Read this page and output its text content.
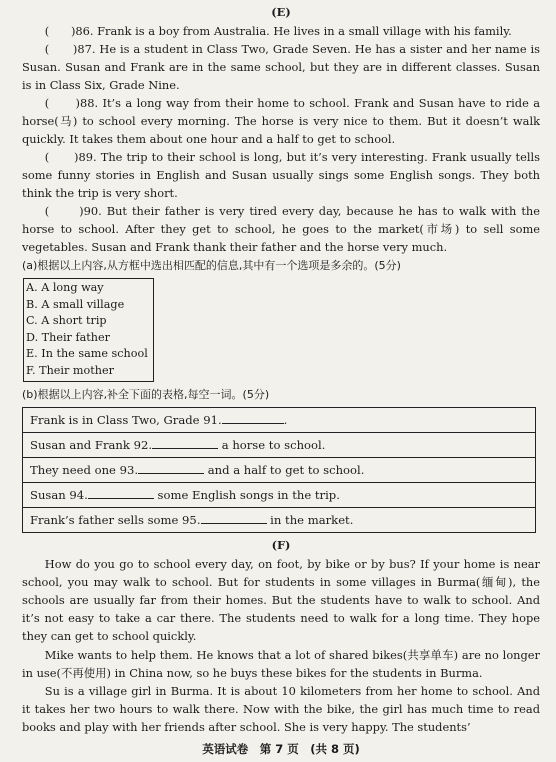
(E)

(      )86. Frank is a boy from Australia. He lives in a small village with his family.

(      )87. He is a student in Class Two, Grade Seven. He has a sister and her name is Susan. Susan and Frank are in the same school, but they are in different classes. Susan is in Class Six, Grade Nine.

(      )88. It’s a long way from their home to school. Frank and Susan have to ride a horse(马) to school every morning. The horse is very nice to them. But it doesn’t walk quickly. It takes them about one hour and a half to get to school.

(      )89. The trip to their school is long, but it’s very interesting. Frank usually tells some funny stories in English and Susan usually sings some English songs. They both think the trip is very short.

(      )90. But their father is very tired every day, because he has to walk with the horse to school. After they get to school, he goes to the market(市场) to sell some vegetables. Susan and Frank thank their father and the horse very much.

(a)根据以上内容,从方框中选出相匹配的信息,其中有一个选项是多余的。(5分)

A. A long way
B. A small village
C. A short trip
D. Their father
E. In the same school
F. Their mother

(b)根据以上内容,补全下面的表格,每空一词。(5分)

Frank is in Class Two, Grade 91.	.
Susan and Frank 92.	a horse to school.
They need one 93.	and a half to get to school.
Susan 94.	some English songs in the trip.
Frank’s father sells some 95.	in the market.
(F)

How do you go to school every day, on foot, by bike or by bus? If your home is near school, you may walk to school. But for students in some villages in Burma(缅甸), the schools are usually far from their homes. But the students have to walk to school. And it’s not easy to take a car there. The students need to walk for a long time. They hope they can get to school quickly.

Mike wants to help them. He knows that a lot of shared bikes(共享单车) are no longer in use(不再使用) in China now, so he buys these bikes for the students in Burma.

Su is a village girl in Burma. It is about 10 kilometers from her home to school. And it takes her two hours to walk there. Now with the bike, the girl has much time to read books and play with her friends after school. She is very happy. The students’

英语试卷　第 7 页　(共 8 页)
